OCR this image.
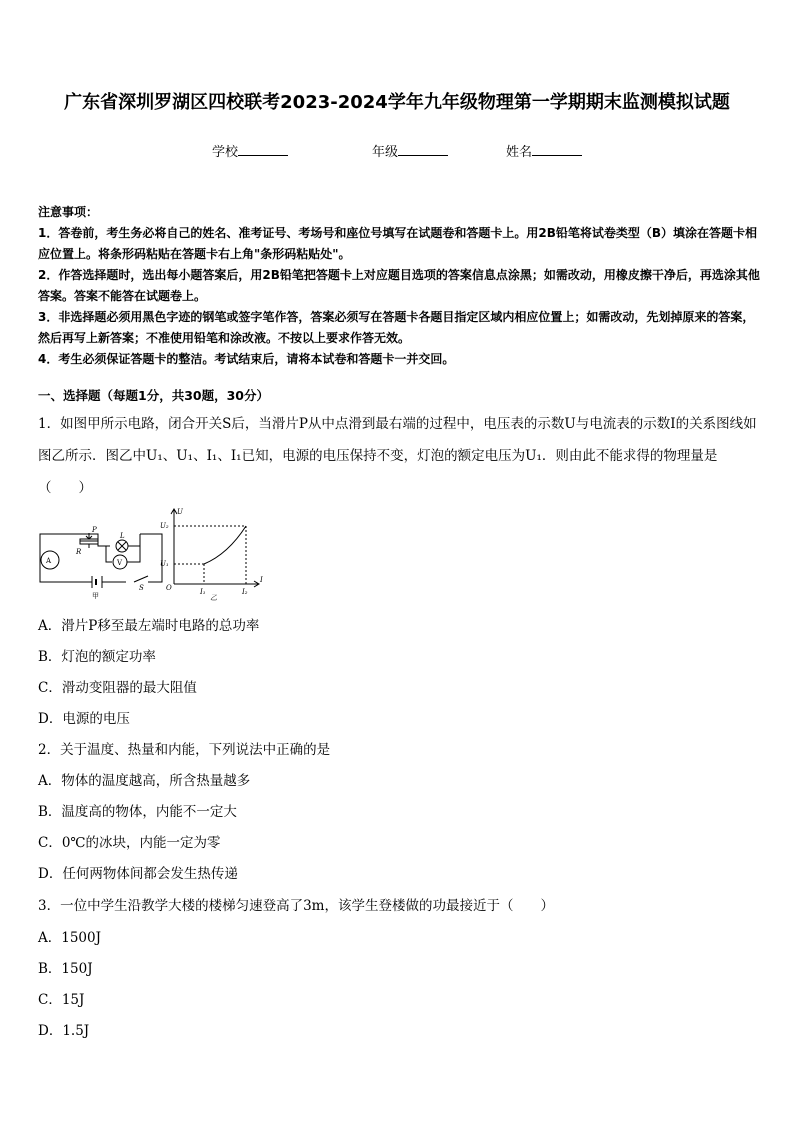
广东省深圳罗湖区四校联考2023-2024学年九年级物理第一学期期末监测模拟试题
学校	年级	姓名

注意事项：

1．答卷前，考生务必将自己的姓名、准考证号、考场号和座位号填写在试题卷和答题卡上。用2B铅笔将试卷类型（B）填涂在答题卡相应位置上。将条形码粘贴在答题卡右上角"条形码粘贴处"。

2．作答选择题时，选出每小题答案后，用2B铅笔把答题卡上对应题目选项的答案信息点涂黑；如需改动，用橡皮擦干净后，再选涂其他答案。答案不能答在试题卷上。

3．非选择题必须用黑色字迹的钢笔或签字笔作答，答案必须写在答题卡各题目指定区域内相应位置上；如需改动，先划掉原来的答案，然后再写上新答案；不准使用铅笔和涂改液。不按以上要求作答无效。

4．考生必须保证答题卡的整洁。考试结束后，请将本试卷和答题卡一并交回。

一、选择题（每题1分，共30题，30分）
1．如图甲所示电路，闭合开关S后，当滑片P从中点滑到最右端的过程中，电压表的示数U与电流表的示数I的关系图线如图乙所示．图乙中U₁、U₁、I₁、I₁已知，电源的电压保持不变，灯泡的额定电压为U₁．则由此不能求得的物理量是（　　）
A	V
P
R
L
S
甲
U
I
O
U₂
U₁
I₁	I₂
乙
A．滑片P移至最左端时电路的总功率
B．灯泡的额定功率
C．滑动变阻器的最大阻值
D．电源的电压
2．关于温度、热量和内能，下列说法中正确的是
A．物体的温度越高，所含热量越多
B．温度高的物体，内能不一定大
C．0℃的冰块，内能一定为零
D．任何两物体间都会发生热传递
3．一位中学生沿教学大楼的楼梯匀速登高了3m，该学生登楼做的功最接近于（　　）
A．1500J
B．150J
C．15J
D．1.5J
